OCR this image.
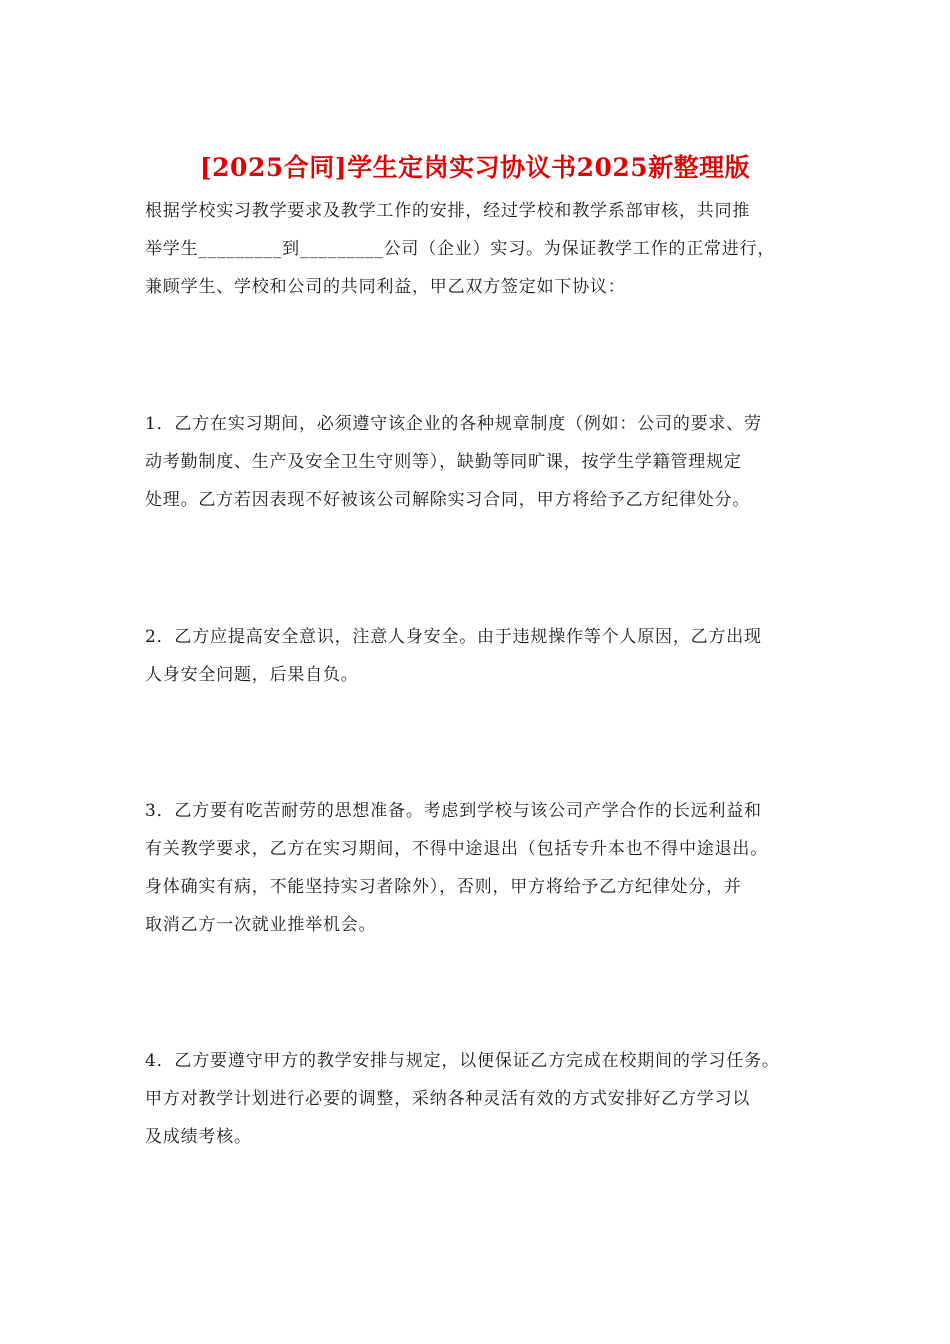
[2025合同]学生定岗实习协议书2025新整理版

根据学校实习教学要求及教学工作的安排，经过学校和教学系部审核，共同推

举学生_________到_________公司（企业）实习。为保证教学工作的正常进行，

兼顾学生、学校和公司的共同利益，甲乙双方签定如下协议：

1．乙方在实习期间，必须遵守该企业的各种规章制度（例如：公司的要求、劳

动考勤制度、生产及安全卫生守则等），缺勤等同旷课，按学生学籍管理规定

处理。乙方若因表现不好被该公司解除实习合同，甲方将给予乙方纪律处分。

2．乙方应提高安全意识，注意人身安全。由于违规操作等个人原因，乙方出现

人身安全问题，后果自负。

3．乙方要有吃苦耐劳的思想准备。考虑到学校与该公司产学合作的长远利益和

有关教学要求，乙方在实习期间，不得中途退出（包括专升本也不得中途退出。

身体确实有病，不能坚持实习者除外），否则，甲方将给予乙方纪律处分，并

取消乙方一次就业推举机会。

4．乙方要遵守甲方的教学安排与规定，以便保证乙方完成在校期间的学习任务。

甲方对教学计划进行必要的调整，采纳各种灵活有效的方式安排好乙方学习以

及成绩考核。
